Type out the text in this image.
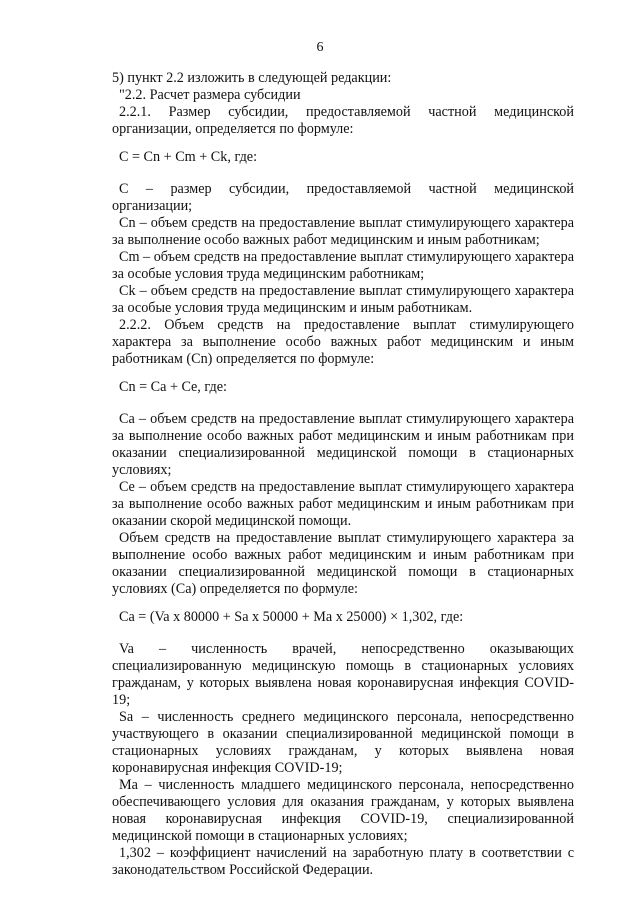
6

5) пункт 2.2 изложить в следующей редакции:

"2.2. Расчет размера субсидии

2.2.1. Размер субсидии, предоставляемой частной медицинской организации, определяется по формуле:

C = Cn + Cm + Ck, где:

C – размер субсидии, предоставляемой частной медицинской организации;

Cn – объем средств на предоставление выплат стимулирующего характера за выполнение особо важных работ медицинским и иным работникам;

Cm – объем средств на предоставление выплат стимулирующего характера за особые условия труда медицинским работникам;

Ck – объем средств на предоставление выплат стимулирующего характера за особые условия труда медицинским и иным работникам.

2.2.2. Объем средств на предоставление выплат стимулирующего характера за выполнение особо важных работ медицинским и иным работникам (Cn) определяется по формуле:

Cn = Ca + Ce, где:

Ca – объем средств на предоставление выплат стимулирующего характера за выполнение особо важных работ медицинским и иным работникам при оказании специализированной медицинской помощи в стационарных условиях;

Ce – объем средств на предоставление выплат стимулирующего характера за выполнение особо важных работ медицинским и иным работникам при оказании скорой медицинской помощи.

Объем средств на предоставление выплат стимулирующего характера за выполнение особо важных работ медицинским и иным работникам при оказании специализированной медицинской помощи в стационарных условиях (Ca) определяется по формуле:

Ca = (Va x 80000 + Sa x 50000 + Ma x 25000) × 1,302, где:

Va – численность врачей, непосредственно оказывающих специализированную медицинскую помощь в стационарных условиях гражданам, у которых выявлена новая коронавирусная инфекция COVID-19;

Sa – численность среднего медицинского персонала, непосредственно участвующего в оказании специализированной медицинской помощи в стационарных условиях гражданам, у которых выявлена новая коронавирусная инфекция COVID-19;

Ma – численность младшего медицинского персонала, непосредственно обеспечивающего условия для оказания гражданам, у которых выявлена новая коронавирусная инфекция COVID-19, специализированной медицинской помощи в стационарных условиях;

1,302 – коэффициент начислений на заработную плату в соответствии с законодательством Российской Федерации.
